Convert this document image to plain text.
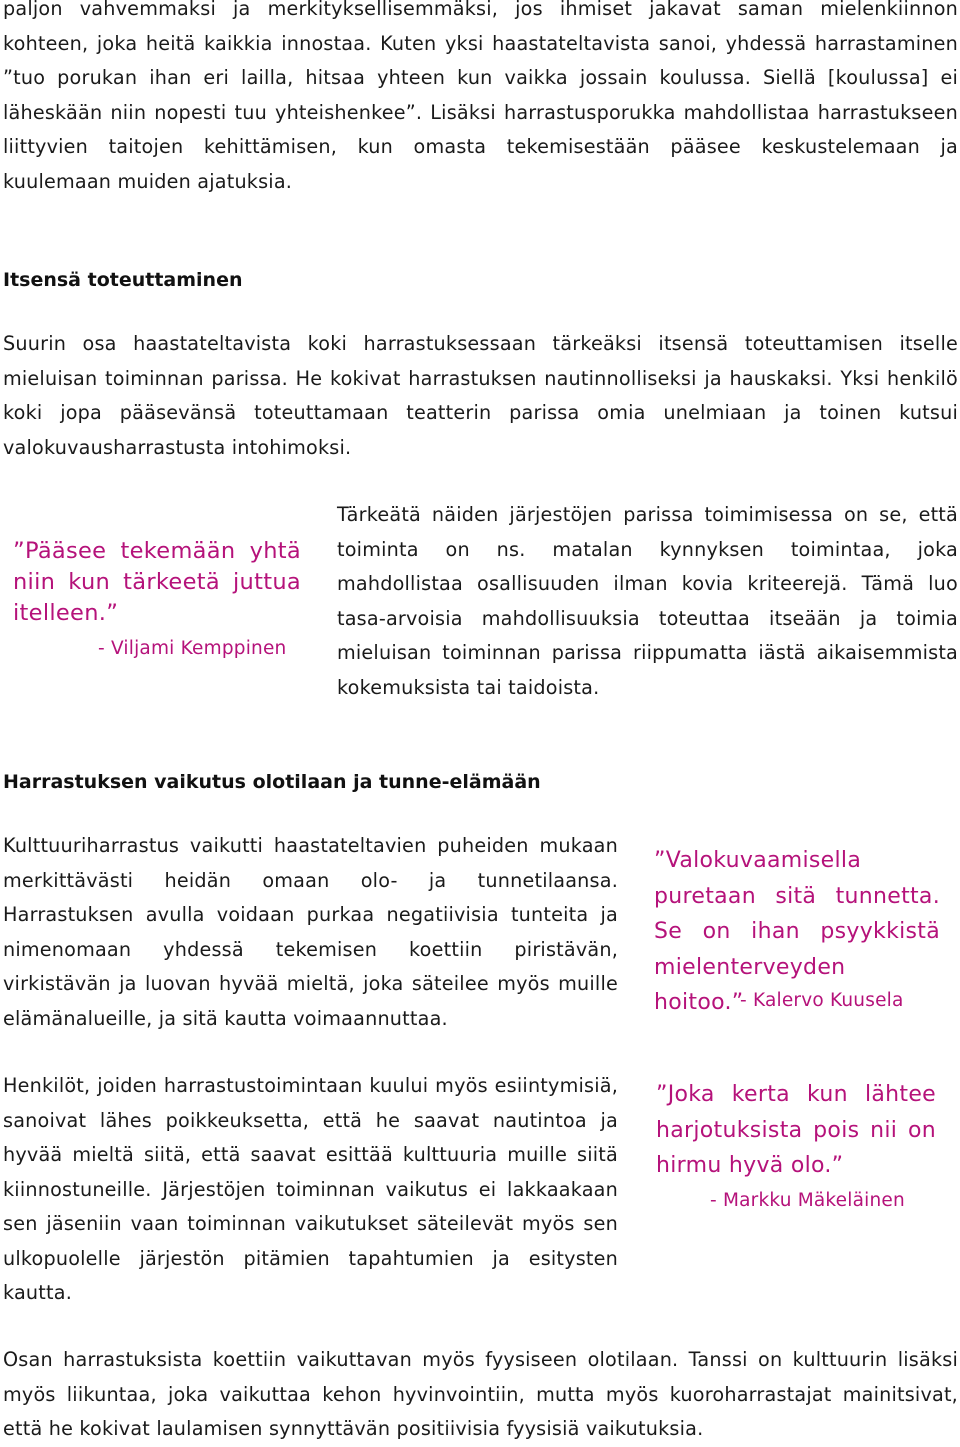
paljon vahvemmaksi ja merkityksellisemmäksi, jos ihmiset jakavat saman mielenkiinnon kohteen, joka heitä kaikkia innostaa. Kuten yksi haastateltavista sanoi, yhdessä harrastaminen ”tuo porukan ihan eri lailla, hitsaa yhteen kun vaikka jossain koulussa. Siellä [koulussa] ei läheskään niin nopesti tuu yhteishenkee”. Lisäksi harrastusporukka mahdollistaa harrastukseen liittyvien taitojen kehittämisen, kun omasta tekemisestään pääsee keskustelemaan ja kuulemaan muiden ajatuksia.
Itsensä toteuttaminen
Suurin osa haastateltavista koki harrastuksessaan tärkeäksi itsensä toteuttamisen itselle mieluisan toiminnan parissa. He kokivat harrastuksen nautinnolliseksi ja hauskaksi. Yksi henkilö koki jopa pääsevänsä toteuttamaan teatterin parissa omia unelmiaan ja toinen kutsui valokuvausharrastusta intohimoksi.
”Pääsee tekemään yhtä niin kun tärkeetä juttua itelleen.”
- Viljami Kemppinen
Tärkeätä näiden järjestöjen parissa toimimisessa on se, että toiminta on ns. matalan kynnyksen toimintaa, joka mahdollistaa osallisuuden ilman kovia kriteerejä. Tämä luo tasa-arvoisia mahdollisuuksia toteuttaa itseään ja toimia mieluisan toiminnan parissa riippumatta iästä aikaisemmista kokemuksista tai taidoista.
Harrastuksen vaikutus olotilaan ja tunne-elämään
Kulttuuriharrastus vaikutti haastateltavien puheiden mukaan merkittävästi heidän omaan olo- ja tunnetilaansa. Harrastuksen avulla voidaan purkaa negatiivisia tunteita ja nimenomaan yhdessä tekemisen koettiin piristävän, virkistävän ja luovan hyvää mieltä, joka säteilee myös muille elämänalueille, ja sitä kautta voimaannuttaa.
”Valokuvaamisella puretaan sitä tunnetta. Se on ihan psyykkistä mielenterveyden hoitoo.”
- Kalervo Kuusela
Henkilöt, joiden harrastustoimintaan kuului myös esiintymisiä, sanoivat lähes poikkeuksetta, että he saavat nautintoa ja hyvää mieltä siitä, että saavat esittää kulttuuria muille siitä kiinnostuneille. Järjestöjen toiminnan vaikutus ei lakkaakaan sen jäseniin vaan toiminnan vaikutukset säteilevät myös sen ulkopuolelle järjestön pitämien tapahtumien ja esitysten kautta.
”Joka kerta kun lähtee harjotuksista pois nii on hirmu hyvä olo.”
- Markku Mäkeläinen
Osan harrastuksista koettiin vaikuttavan myös fyysiseen olotilaan. Tanssi on kulttuurin lisäksi myös liikuntaa, joka vaikuttaa kehon hyvinvointiin, mutta myös kuoroharrastajat mainitsivat, että he kokivat laulamisen synnyttävän positiivisia fyysisiä vaikutuksia.
